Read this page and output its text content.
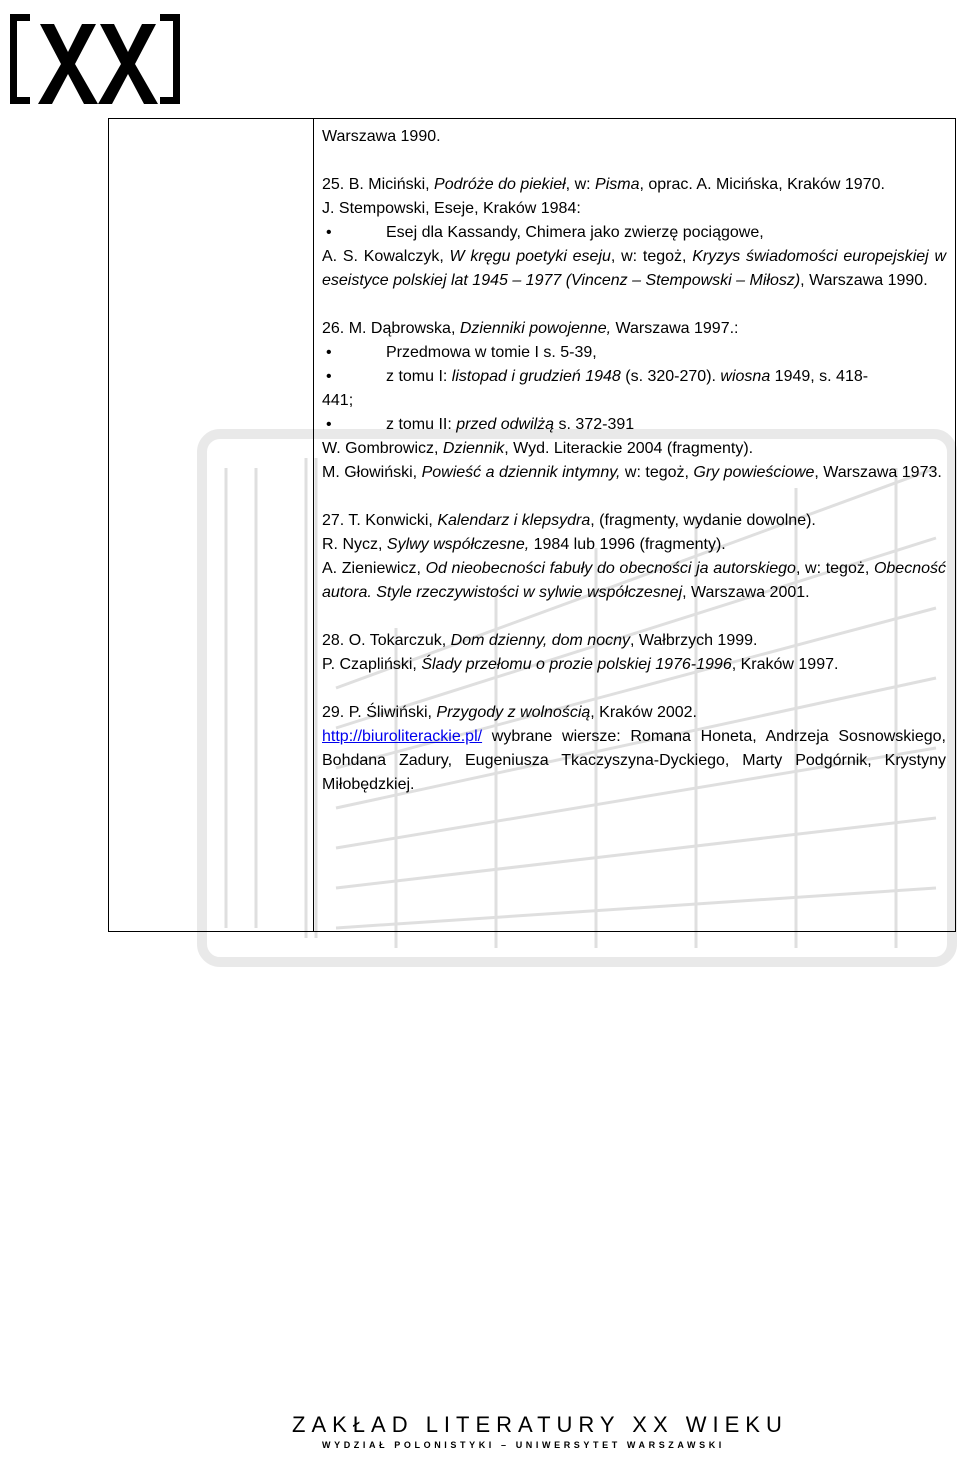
[XX]

Warszawa 1990.

25. B. Miciński, Podróże do piekieł, w: Pisma, oprac. A. Micińska, Kraków 1970.

J. Stempowski, Eseje, Kraków 1984:

• Esej dla Kassandy, Chimera jako zwierzę pociągowe,

A. S. Kowalczyk, W kręgu poetyki eseju, w: tegoż, Kryzys świadomości europejskiej w eseistyce polskiej lat 1945 – 1977 (Vincenz – Stempowski – Miłosz), Warszawa 1990.

26. M. Dąbrowska, Dzienniki powojenne, Warszawa 1997.:

• Przedmowa w tomie I s. 5-39,
• z tomu I: listopad i grudzień 1948 (s. 320-270). wiosna 1949, s. 418-
441;
• z tomu II: przed odwilżą s. 372-391

W. Gombrowicz, Dziennik, Wyd. Literackie 2004 (fragmenty).

M. Głowiński, Powieść a dziennik intymny, w: tegoż, Gry powieściowe, Warszawa 1973.

27. T. Konwicki, Kalendarz i klepsydra, (fragmenty, wydanie dowolne).

R. Nycz, Sylwy współczesne, 1984 lub 1996 (fragmenty).

A. Zieniewicz, Od nieobecności fabuły do obecności ja autorskiego, w: tegoż, Obecność autora. Style rzeczywistości w sylwie współczesnej, Warszawa 2001.

28. O. Tokarczuk, Dom dzienny, dom nocny, Wałbrzych 1999.

P. Czapliński, Ślady przełomu o prozie polskiej 1976-1996, Kraków 1997.

29. P. Śliwiński, Przygody z wolnością, Kraków 2002.

http://biuroliterackie.pl/ wybrane wiersze: Romana Honeta, Andrzeja Sosnowskiego, Bohdana Zadury, Eugeniusza Tkaczyszyna-Dyckiego, Marty Podgórnik, Krystyny Miłobędzkiej.

ZAKŁAD LITERATURY XX WIEKU
WYDZIAŁ POLONISTYKI – UNIWERSYTET WARSZAWSKI
